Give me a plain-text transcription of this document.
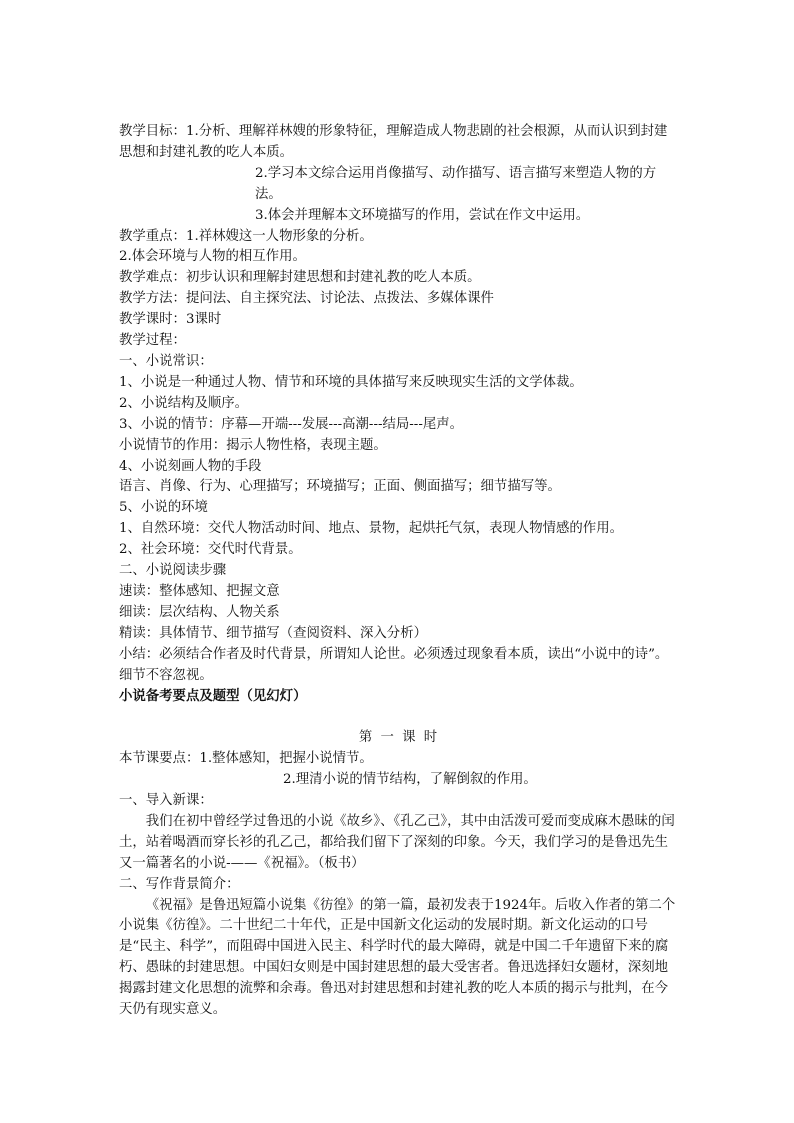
教学目标：1.分析、理解祥林嫂的形象特征，理解造成人物悲剧的社会根源，从而认识到封建思想和封建礼教的吃人本质。

2.学习本文综合运用肖像描写、动作描写、语言描写来塑造人物的方法。

3.体会并理解本文环境描写的作用，尝试在作文中运用。

教学重点：1.祥林嫂这一人物形象的分析。

2.体会环境与人物的相互作用。

教学难点：初步认识和理解封建思想和封建礼教的吃人本质。

教学方法：提问法、自主探究法、讨论法、点拨法、多媒体课件

教学课时：3课时

教学过程：

一、小说常识：

1、小说是一种通过人物、情节和环境的具体描写来反映现实生活的文学体裁。

2、小说结构及顺序。

3、小说的情节：序幕—开端---发展---高潮---结局---尾声。

小说情节的作用：揭示人物性格，表现主题。

4、小说刻画人物的手段

语言、肖像、行为、心理描写；环境描写；正面、侧面描写；细节描写等。

5、小说的环境

1、自然环境：交代人物活动时间、地点、景物，起烘托气氛，表现人物情感的作用。

2、社会环境：交代时代背景。

二、小说阅读步骤

速读：整体感知、把握文意

细读：层次结构、人物关系

精读：具体情节、细节描写（查阅资料、深入分析）

小结：必须结合作者及时代背景，所谓知人论世。必须透过现象看本质，读出“小说中的诗”。细节不容忽视。

小说备考要点及题型（见幻灯）

第 一 课 时

本节课要点：1.整体感知，把握小说情节。

2.理清小说的情节结构，了解倒叙的作用。

一、导入新课：

我们在初中曾经学过鲁迅的小说《故乡》、《孔乙己》，其中由活泼可爱而变成麻木愚昧的闰土，站着喝酒而穿长衫的孔乙己，都给我们留下了深刻的印象。今天，我们学习的是鲁迅先生又一篇著名的小说-——《祝福》。（板书）

二、写作背景简介：

《祝福》是鲁迅短篇小说集《彷徨》的第一篇，最初发表于1924年。后收入作者的第二个小说集《彷徨》。二十世纪二十年代，正是中国新文化运动的发展时期。新文化运动的口号是“民主、科学”，而阻碍中国进入民主、科学时代的最大障碍，就是中国二千年遗留下来的腐朽、愚昧的封建思想。中国妇女则是中国封建思想的最大受害者。鲁迅选择妇女题材，深刻地揭露封建文化思想的流弊和余毒。鲁迅对封建思想和封建礼教的吃人本质的揭示与批判，在今天仍有现实意义。
